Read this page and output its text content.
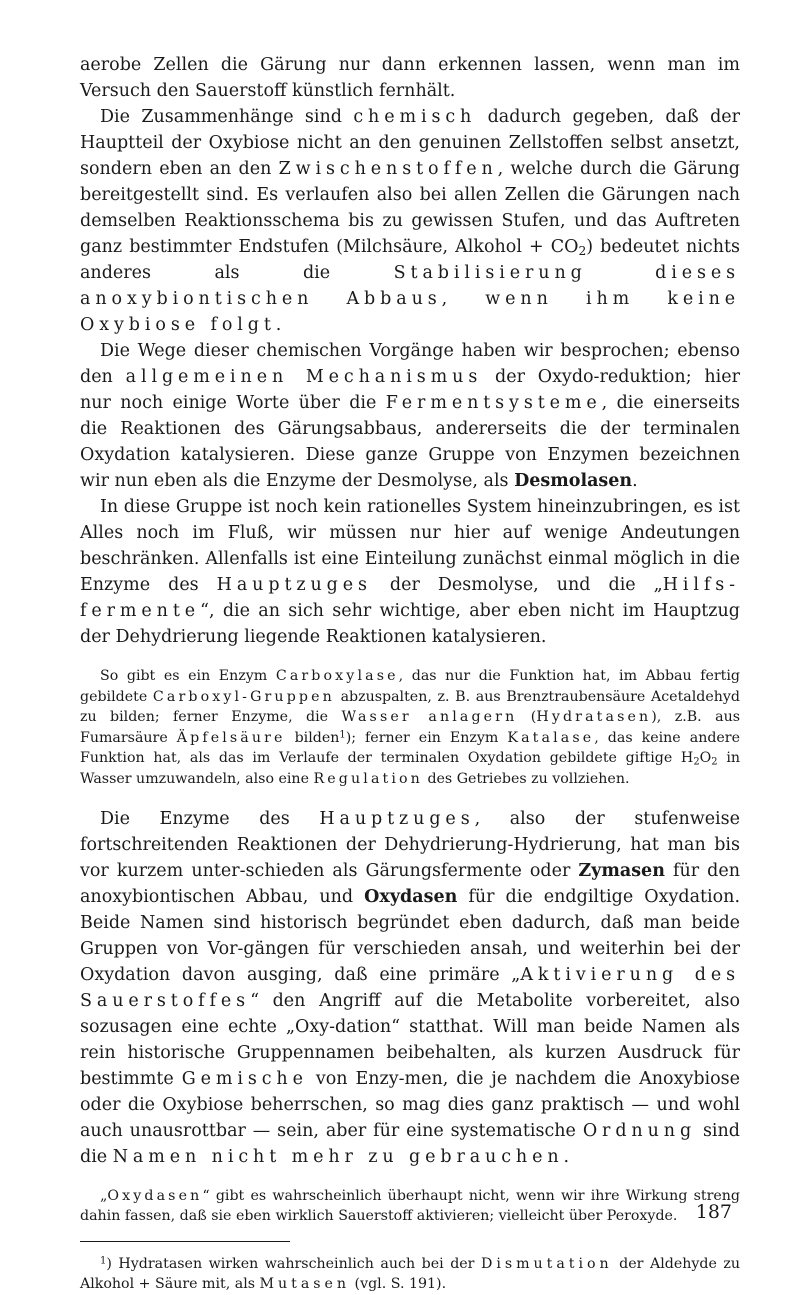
aerobe Zellen die Gärung nur dann erkennen lassen, wenn man im Versuch den Sauerstoff künstlich fernhält.

Die Zusammenhänge sind chemisch dadurch gegeben, daß der Hauptteil der Oxybiose nicht an den genuinen Zellstoffen selbst ansetzt, sondern eben an den Zwischenstoffen, welche durch die Gärung bereitgestellt sind. Es verlaufen also bei allen Zellen die Gärungen nach demselben Reaktionsschema bis zu gewissen Stufen, und das Auftreten ganz bestimmter Endstufen (Milchsäure, Alkohol + $CO_2$) bedeutet nichts anderes als die Stabilisierung dieses anoxybiontischen Abbaus, wenn ihm keine Oxybiose folgt.

Die Wege dieser chemischen Vorgänge haben wir besprochen; ebenso den allgemeinen Mechanismus der Oxydo-reduktion; hier nur noch einige Worte über die Fermentsysteme, die einerseits die Reaktionen des Gärungsabbaus, andererseits die der terminalen Oxydation katalysieren. Diese ganze Gruppe von Enzymen bezeichnen wir nun eben als die Enzyme der Desmolyse, als Desmolasen.

In diese Gruppe ist noch kein rationelles System hineinzubringen, es ist Alles noch im Fluß, wir müssen nur hier auf wenige Andeutungen beschränken. Allenfalls ist eine Einteilung zunächst einmal möglich in die Enzyme des Hauptzuges der Desmolyse, und die „Hilfs-fermente“, die an sich sehr wichtige, aber eben nicht im Hauptzug der Dehydrierung liegende Reaktionen katalysieren.

So gibt es ein Enzym Carboxylase, das nur die Funktion hat, im Abbau fertig gebildete Carboxyl-Gruppen abzuspalten, z. B. aus Brenztraubensäure Acetaldehyd zu bilden; ferner Enzyme, die Wasser anlagern (Hydratasen), z.B. aus Fumarsäure Äpfelsäure bilden$^1$); ferner ein Enzym Katalase, das keine andere Funktion hat, als das im Verlaufe der terminalen Oxydation gebildete giftige $H_2O_2$ in Wasser umzuwandeln, also eine Regulation des Getriebes zu vollziehen.

Die Enzyme des Hauptzuges, also der stufenweise fortschreitenden Reaktionen der Dehydrierung-Hydrierung, hat man bis vor kurzem unter-schieden als Gärungsfermente oder Zymasen für den anoxybiontischen Abbau, und Oxydasen für die endgiltige Oxydation. Beide Namen sind historisch begründet eben dadurch, daß man beide Gruppen von Vor-gängen für verschieden ansah, und weiterhin bei der Oxydation davon ausging, daß eine primäre „Aktivierung des Sauerstoffes“ den Angriff auf die Metabolite vorbereitet, also sozusagen eine echte „Oxy-dation“ statthat. Will man beide Namen als rein historische Gruppennamen beibehalten, als kurzen Ausdruck für bestimmte Gemische von Enzy-men, die je nachdem die Anoxybiose oder die Oxybiose beherrschen, so mag dies ganz praktisch — und wohl auch unausrottbar — sein, aber für eine systematische Ordnung sind die Namen nicht mehr zu gebrauchen.

„Oxydasen“ gibt es wahrscheinlich überhaupt nicht, wenn wir ihre Wirkung streng dahin fassen, daß sie eben wirklich Sauerstoff aktivieren; vielleicht über Peroxyde.

$^1$) Hydratasen wirken wahrscheinlich auch bei der Dismutation der Aldehyde zu Alkohol + Säure mit, als Mutasen (vgl. S. 191).

187
